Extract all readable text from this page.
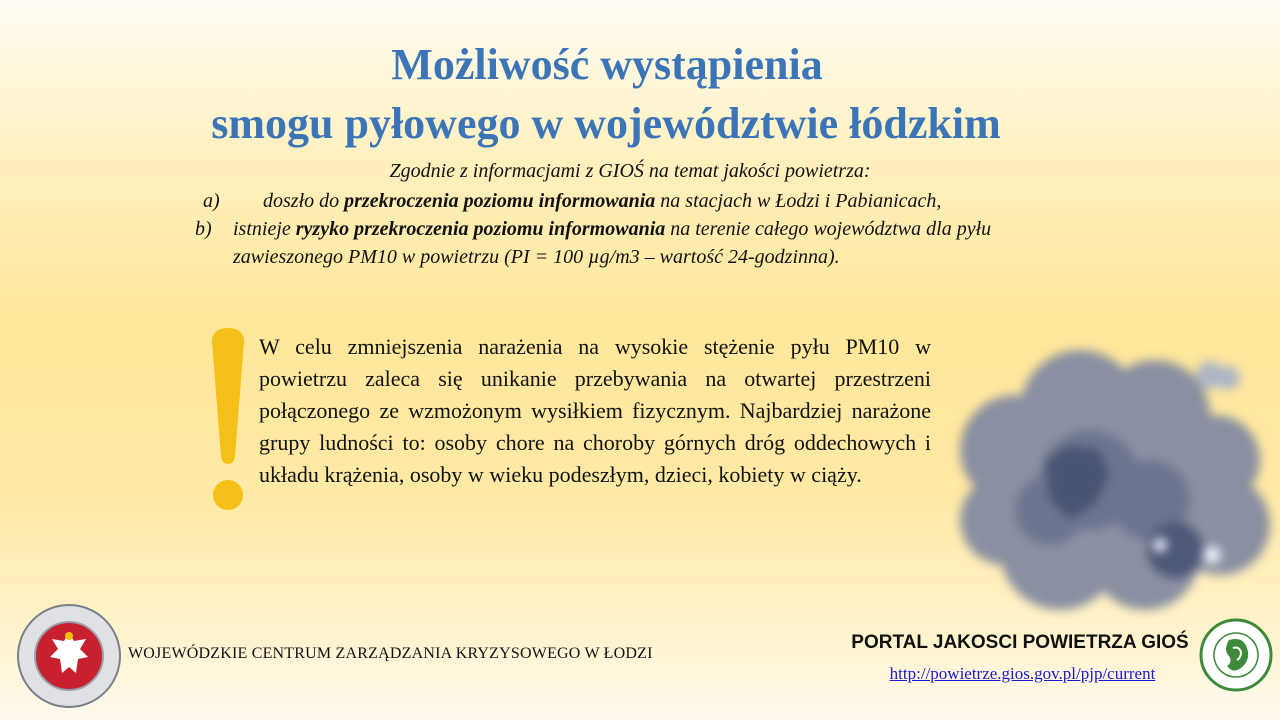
Możliwość wystąpienia
smogu pyłowego w województwie łódzkim
Zgodnie z informacjami z GIOŚ na temat jakości powietrza:
a) doszło do przekroczenia poziomu informowania na stacjach w Łodzi i Pabianicach,
b) istnieje ryzyko przekroczenia poziomu informowania na terenie całego województwa dla pyłu zawieszonego PM10 w powietrzu (PI = 100 µg/m3 – wartość 24-godzinna).

W celu zmniejszenia narażenia na wysokie stężenie pyłu PM10 w powietrzu zaleca się unikanie przebywania na otwartej przestrzeni połączonego ze wzmożonym wysiłkiem fizycznym. Najbardziej narażone grupy ludności to: osoby chore na choroby górnych dróg oddechowych i układu krążenia, osoby w wieku podeszłym, dzieci, kobiety w ciąży.

WOJEWÓDZKIE CENTRUM ZARZĄDZANIA KRYZYSOWEGO W ŁODZI
PORTAL JAKOSCI POWIETRZA GIOŚ
http://powietrze.gios.gov.pl/pjp/current
